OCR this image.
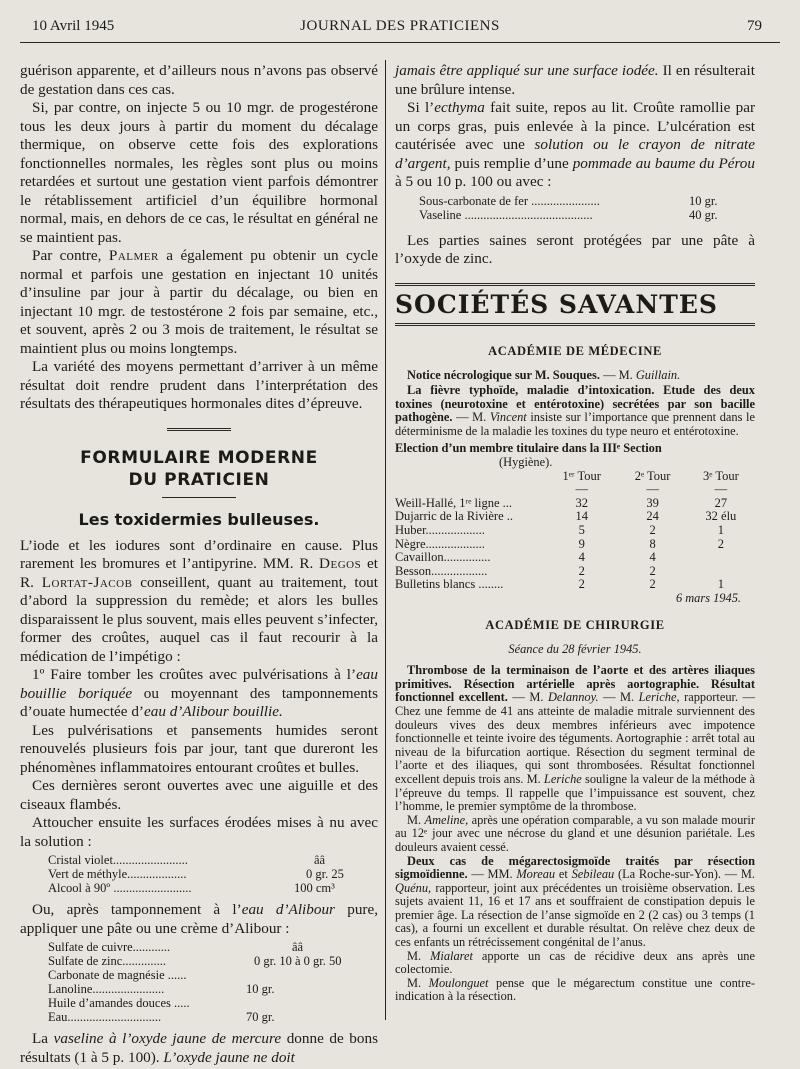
10 Avril 1945	JOURNAL DES PRATICIENS	79

guérison apparente, et d’ailleurs nous n’avons pas observé de gestation dans ces cas.

Si, par contre, on injecte 5 ou 10 mgr. de progestérone tous les deux jours à partir du moment du décalage thermique, on observe cette fois des explorations fonctionnelles normales, les règles sont plus ou moins retardées et surtout une gestation vient parfois démontrer le rétablissement artificiel d’un équilibre hormonal normal, mais, en dehors de ce cas, le résultat en général ne se maintient pas.

Par contre, Palmer a également pu obtenir un cycle normal et parfois une gestation en injectant 10 unités d’insuline par jour à partir du décalage, ou bien en injectant 10 mgr. de testostérone 2 fois par semaine, etc., et souvent, après 2 ou 3 mois de traitement, le résultat se maintient plus ou moins longtemps.

La variété des moyens permettant d’arriver à un même résultat doit rendre prudent dans l’interprétation des résultats des thérapeutiques hormonales dites d’épreuve.

FORMULAIRE MODERNE
DU PRATICIEN
Les toxidermies bulleuses.

L’iode et les iodures sont d’ordinaire en cause. Plus rarement les bromures et l’antipyrine. MM. R. Degos et R. Lortat-Jacob conseillent, quant au traitement, tout d’abord la suppression du remède; et alors les bulles disparaissent le plus souvent, mais elles peuvent s’infecter, former des croûtes, auquel cas il faut recourir à la médication de l’impétigo :

1º Faire tomber les croûtes avec pulvérisations à l’eau bouillie boriquée ou moyennant des tamponnements d’ouate humectée d’eau d’Alibour bouillie.

Les pulvérisations et pansements humides seront renouvelés plusieurs fois par jour, tant que dureront les phénomènes inflammatoires entourant croûtes et bulles.

Ces dernières seront ouvertes avec une aiguille et des ciseaux flambés.

Attoucher ensuite les surfaces érodées mises à nu avec la solution :

Cristal violet........................	ââ
Vert de méthyle...................	0 gr. 25
Alcool à 90º .........................	100 cm³

Ou, après tamponnement à l’eau d’Alibour pure, appliquer une pâte ou une crème d’Alibour :

Sulfate de cuivre............	ââ
Sulfate de zinc..............	0 gr. 10 à 0 gr. 50
Carbonate de magnésie ......
Lanoline.......................	10 gr.
Huile d’amandes douces .....
Eau..............................	70 gr.

La vaseline à l’oxyde jaune de mercure donne de bons résultats (1 à 5 p. 100). L’oxyde jaune ne doit

jamais être appliqué sur une surface iodée. Il en résulterait une brûlure intense.

Si l’ecthyma fait suite, repos au lit. Croûte ramollie par un corps gras, puis enlevée à la pince. L’ulcération est cautérisée avec une solution ou le crayon de nitrate d’argent, puis remplie d’une pommade au baume du Pérou à 5 ou 10 p. 100 ou avec :

Sous-carbonate de fer ......................	10 gr.
Vaseline .........................................	40 gr.

Les parties saines seront protégées par une pâte à l’oxyde de zinc.

SOCIÉTÉS SAVANTES
ACADÉMIE DE MÉDECINE

Notice nécrologique sur M. Souques. — M. Guillain.

La fièvre typhoïde, maladie d’intoxication. Etude des deux toxines (neurotoxine et entérotoxine) secrétées par son bacille pathogène. — M. Vincent insiste sur l’importance que prennent dans le déterminisme de la maladie les toxines du type neuro et entérotoxine.

Election d’un membre titulaire dans la IIIᵉ Section

(Hygiène).

	1ᵉʳ Tour	2ᵉ Tour	3ᵉ Tour
	—	—	—
Weill-Hallé, 1ʳᵉ ligne ...	32	39	27
Dujarric de la Rivière ..	14	24	32 élu
Huber...................	5	2	1
Nègre...................	9	8	2
Cavaillon...............	4	4	
Besson..................	2	2	
Bulletins blancs ........	2	2	1

6 mars 1945.

ACADÉMIE DE CHIRURGIE

Séance du 28 février 1945.

Thrombose de la terminaison de l’aorte et des artères iliaques primitives. Résection artérielle après aortographie. Résultat fonctionnel excellent. — M. Delannoy. — M. Leriche, rapporteur. — Chez une femme de 41 ans atteinte de maladie mitrale surviennent des douleurs vives des deux membres inférieurs avec impotence fonctionnelle et teinte ivoire des téguments. Aortographie : arrêt total au niveau de la bifurcation aortique. Résection du segment terminal de l’aorte et des iliaques, qui sont thrombosées. Résultat fonctionnel excellent depuis trois ans. M. Leriche souligne la valeur de la méthode à l’épreuve du temps. Il rappelle que l’impuissance est souvent, chez l’homme, le premier symptôme de la thrombose.

M. Ameline, après une opération comparable, a vu son malade mourir au 12ᵉ jour avec une nécrose du gland et une désunion pariétale. Les douleurs avaient cessé.

Deux cas de mégarectosigmoïde traités par résection sigmoïdienne. — MM. Moreau et Sebileau (La Roche-sur-Yon). — M. Quénu, rapporteur, joint aux précédentes un troisième observation. Les sujets avaient 11, 16 et 17 ans et souffraient de constipation depuis le premier âge. La résection de l’anse sigmoïde en 2 (2 cas) ou 3 temps (1 cas), a fourni un excellent et durable résultat. On relève chez deux de ces enfants un rétrécissement congénital de l’anus.

M. Mialaret apporte un cas de récidive deux ans après une colectomie.

M. Moulonguet pense que le mégarectum constitue une contre-indication à la résection.
